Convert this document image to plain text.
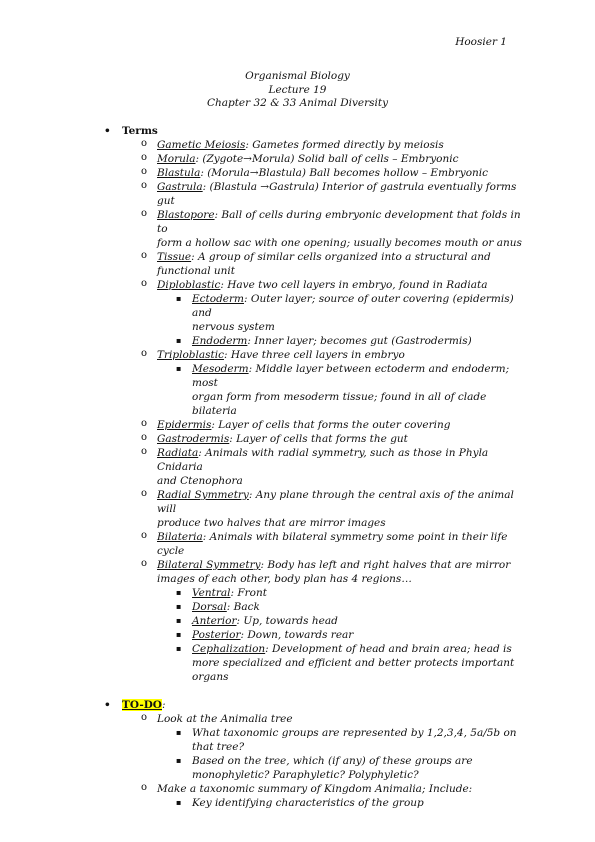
Hoosier 1
Organismal Biology
Lecture 19
Chapter 32 & 33 Animal Diversity
• Terms
o Gametic Meiosis: Gametes formed directly by meiosis
o Morula: (Zygote→Morula) Solid ball of cells – Embryonic
o Blastula: (Morula→Blastula) Ball becomes hollow – Embryonic
o Gastrula: (Blastula →Gastrula) Interior of gastrula eventually forms gut
o Blastopore: Ball of cells during embryonic development that folds in to
form a hollow sac with one opening; usually becomes mouth or anus
o Tissue: A group of similar cells organized into a structural and
functional unit
o Diploblastic: Have two cell layers in embryo, found in Radiata
▪ Ectoderm: Outer layer; source of outer covering (epidermis) and
nervous system
▪ Endoderm: Inner layer; becomes gut (Gastrodermis)
o Triploblastic: Have three cell layers in embryo
▪ Mesoderm: Middle layer between ectoderm and endoderm; most
organ form from mesoderm tissue; found in all of clade bilateria
o Epidermis: Layer of cells that forms the outer covering
o Gastrodermis: Layer of cells that forms the gut
o Radiata: Animals with radial symmetry, such as those in Phyla Cnidaria
and Ctenophora
o Radial Symmetry: Any plane through the central axis of the animal will
produce two halves that are mirror images
o Bilateria: Animals with bilateral symmetry some point in their life cycle
o Bilateral Symmetry: Body has left and right halves that are mirror
images of each other, body plan has 4 regions…
▪ Ventral: Front
▪ Dorsal: Back
▪ Anterior: Up, towards head
▪ Posterior: Down, towards rear
▪ Cephalization: Development of head and brain area; head is
more specialized and efficient and better protects important
organs
• TO-DO:
o Look at the Animalia tree
▪ What taxonomic groups are represented by 1,2,3,4, 5a/5b on
that tree?
▪ Based on the tree, which (if any) of these groups are
monophyletic? Paraphyletic? Polyphyletic?
o Make a taxonomic summary of Kingdom Animalia; Include:
▪ Key identifying characteristics of the group
